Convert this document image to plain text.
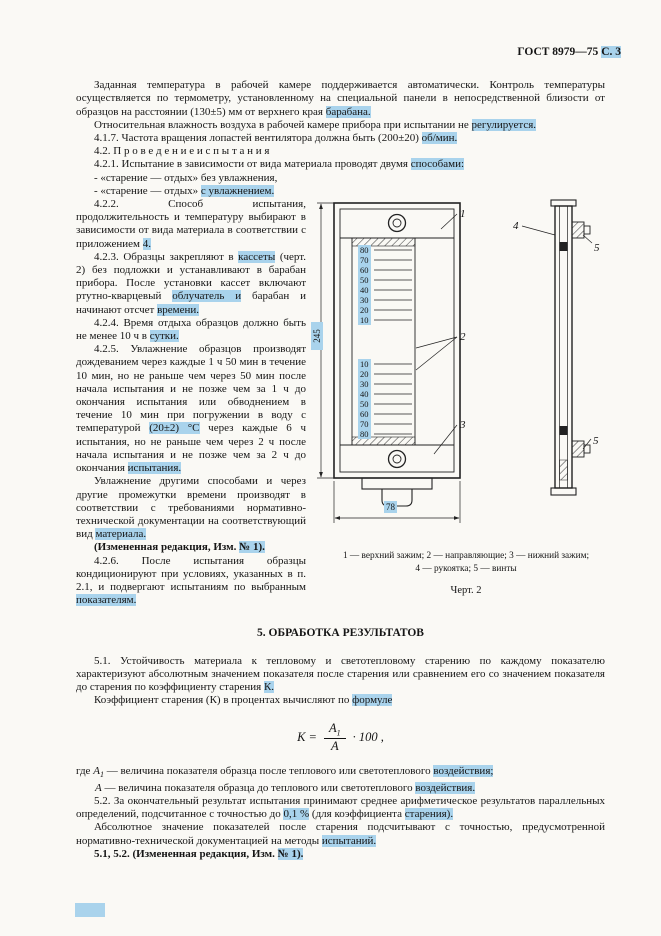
ГОСТ 8979—75 С. 3

Заданная температура в рабочей камере поддерживается автоматически. Контроль температуры осуществляется по термометру, установленному на специальной панели в непосредственной близости от образцов на расстоянии (130±5) мм от верхнего края барабана.

Относительная влажность воздуха в рабочей камере прибора при испытании не регулируется.

4.1.7. Частота вращения лопастей вентилятора должна быть (200±20) об/мин.

4.2. П р о в е д е н и е и с п ы т а н и я

4.2.1. Испытание в зависимости от вида материала проводят двумя способами:

- «старение — отдых» без увлажнения,

- «старение — отдых» с увлажнением.

4.2.2. Способ испытания, продолжительность и температуру выбирают в зависимости от вида материала в соответствии с приложением 4.

4.2.3. Образцы закрепляют в кассеты (черт. 2) без подложки и устанавливают в барабан прибора. После установки кассет включают ртутно-кварцевый облучатель и барабан и начинают отсчет времени.

4.2.4. Время отдыха образцов должно быть не менее 10 ч в сутки.

4.2.5. Увлажнение образцов производят дождеванием через каждые 1 ч 50 мин в течение 10 мин, но не раньше чем через 50 мин после начала испытания и не позже чем за 1 ч до окончания испытания или обводнением в течение 10 мин при погружении в воду с температурой (20±2) °С через каждые 6 ч испытания, но не раньше чем через 2 ч после начала испытания и не позже чем за 2 ч до окончания испытания.

Увлажнение другими способами и через другие промежутки времени производят в соответствии с требованиями нормативно-технической документации на соответствующий вид материала.

(Измененная редакция, Изм. № 1).

4.2.6. После испытания образцы кондиционируют при условиях, указанных в п. 2.1, и подвергают испытаниям по выбранным показателям.

1
2
3
4
5
5
80
70
60
50
40
30
20
10
10
20
30
40
50
60
70
80
245
78
1 — верхний зажим; 2 — направляющие; 3 — нижний зажим;
4 — рукоятка; 5 — винты
Черт. 2
5. ОБРАБОТКА РЕЗУЛЬТАТОВ

5.1. Устойчивость материала к тепловому и светотепловому старению по каждому показателю характеризуют абсолютным значением показателя после старения или сравнением его со значением показателя до старения по коэффициенту старения К.

Коэффициент старения (К) в процентах вычисляют по формуле

$К = \frac{A_1}{A} \cdot 100$ ,

где $A_1$ — величина показателя образца после теплового или светотеплового воздействия;

А — величина показателя образца до теплового или светотеплового воздействия.

5.2. За окончательный результат испытания принимают среднее арифметическое результатов параллельных определений, подсчитанное с точностью до 0,1 % (для коэффициента старения).

Абсолютное значение показателей после старения подсчитывают с точностью, предусмотренной нормативно-технической документацией на методы испытаний.

5.1, 5.2. (Измененная редакция, Изм. № 1).
